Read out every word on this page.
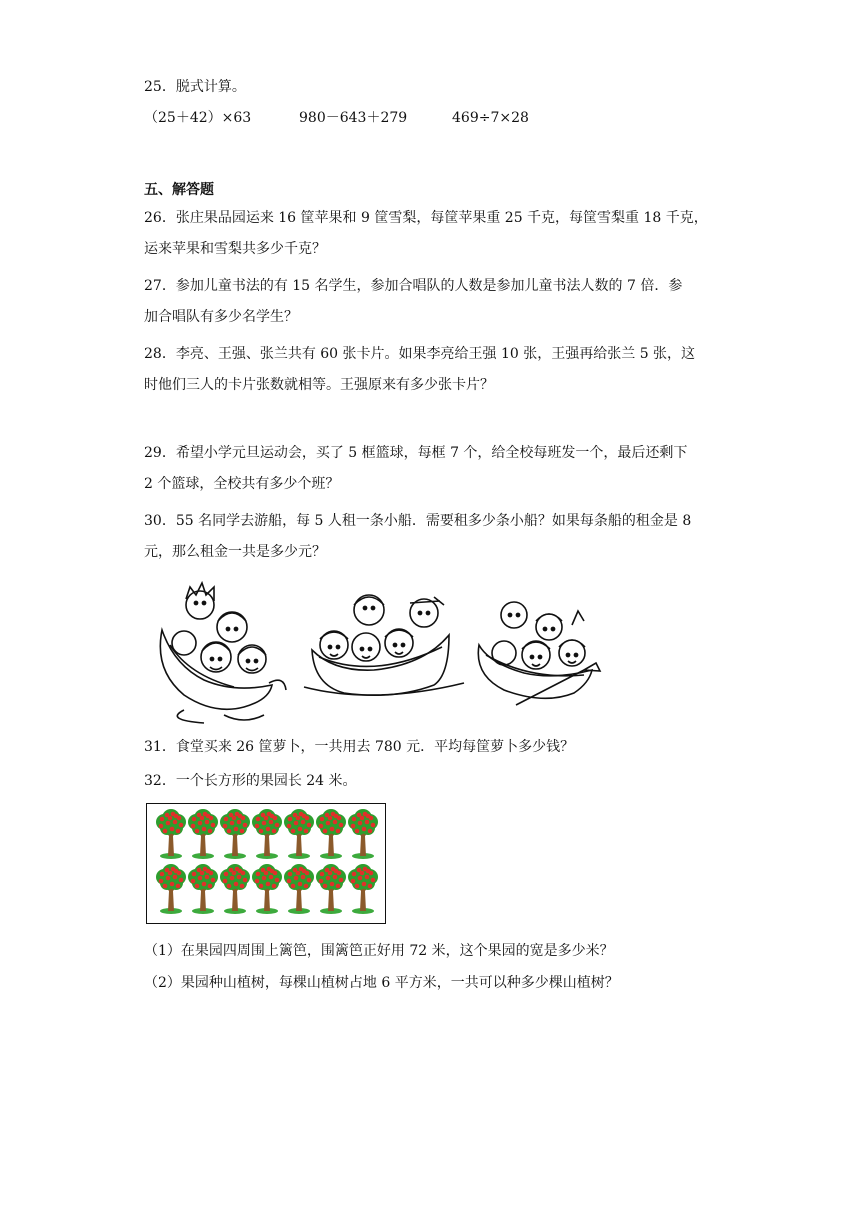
25．脱式计算。
（25＋42）×63	980－643＋279	469÷7×28
五、解答题
26．张庄果品园运来 16 筐苹果和 9 筐雪梨，每筐苹果重 25 千克，每筐雪梨重 18 千克，
运来苹果和雪梨共多少千克？
27．参加儿童书法的有 15 名学生，参加合唱队的人数是参加儿童书法人数的 7 倍．参
加合唱队有多少名学生？
28．李亮、王强、张兰共有 60 张卡片。如果李亮给王强 10 张，王强再给张兰 5 张，这
时他们三人的卡片张数就相等。王强原来有多少张卡片？
29．希望小学元旦运动会，买了 5 框篮球，每框 7 个，给全校每班发一个，最后还剩下
2 个篮球，全校共有多少个班？
30．55 名同学去游船，每 5 人租一条小船．需要租多少条小船？如果每条船的租金是 8
元，那么租金一共是多少元？
31．食堂买来 26 筐萝卜，一共用去 780 元．平均每筐萝卜多少钱？
32．一个长方形的果园长 24 米。
（1）在果园四周围上篱笆，围篱笆正好用 72 米，这个果园的宽是多少米？
（2）果园种山植树，每棵山植树占地 6 平方米，一共可以种多少棵山植树？
